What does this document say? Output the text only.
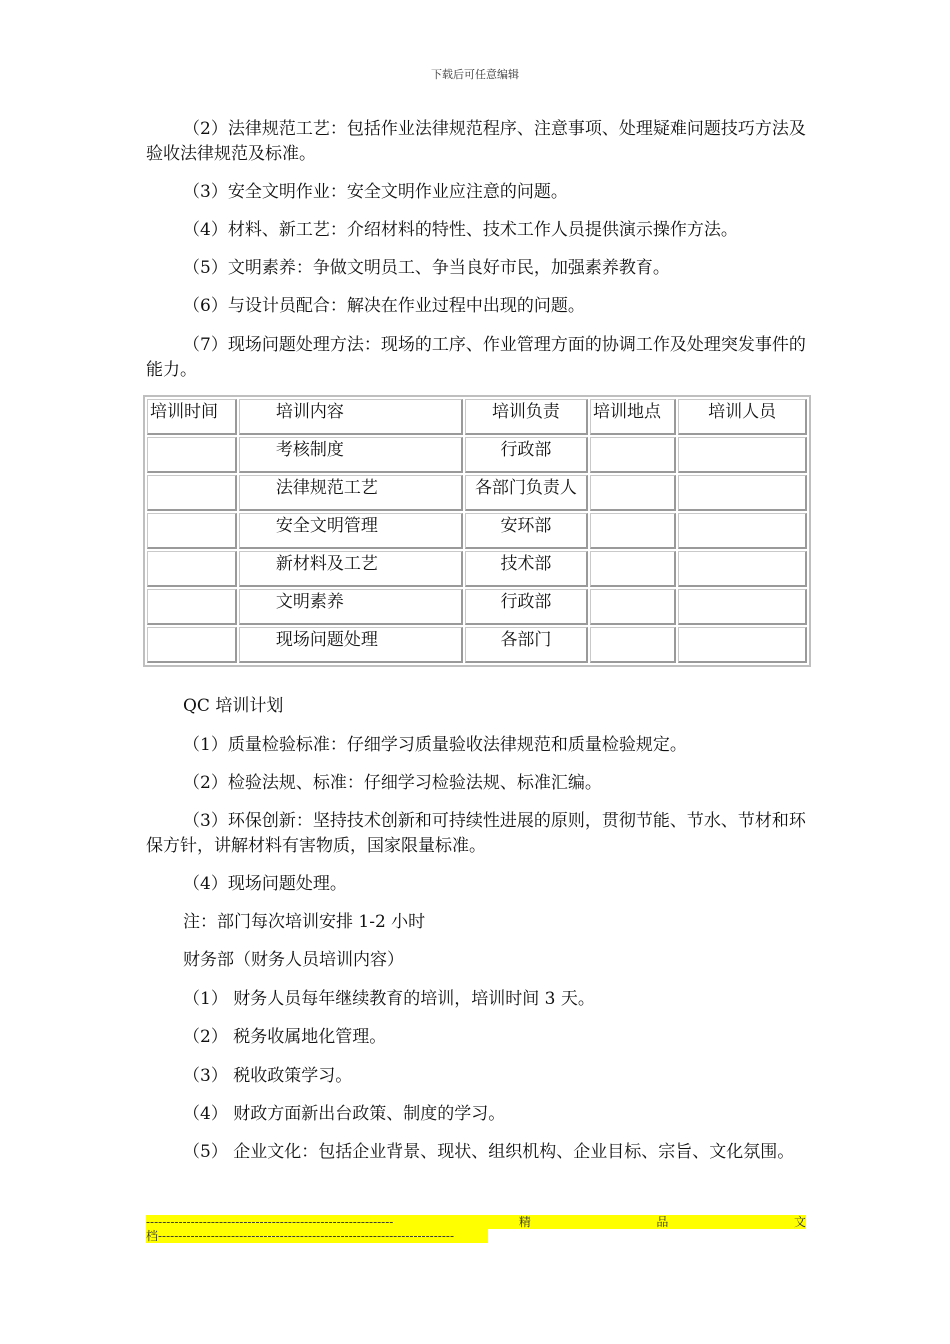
下载后可任意编辑

（2）法律规范工艺：包括作业法律规范程序、注意事项、处理疑难问题技巧方法及验收法律规范及标准。

（3）安全文明作业：安全文明作业应注意的问题。

（4）材料、新工艺：介绍材料的特性、技术工作人员提供演示操作方法。

（5）文明素养：争做文明员工、争当良好市民，加强素养教育。

（6）与设计员配合：解决在作业过程中出现的问题。

（7）现场问题处理方法：现场的工序、作业管理方面的协调工作及处理突发事件的能力。

培训时间	培训内容	培训负责	培训地点	培训人员
	考核制度	行政部		
	法律规范工艺	各部门负责人		
	安全文明管理	安环部		
	新材料及工艺	技术部		
	文明素养	行政部		
	现场问题处理	各部门		

QC 培训计划

（1）质量检验标准：仔细学习质量验收法律规范和质量检验规定。

（2）检验法规、标准：仔细学习检验法规、标准汇编。

（3）环保创新：坚持技术创新和可持续性进展的原则，贯彻节能、节水、节材和环保方针，讲解材料有害物质，国家限量标准。

（4）现场问题处理。

注：部门每次培训安排 1-2 小时

财务部（财务人员培训内容）

（1） 财务人员每年继续教育的培训，培训时间 3 天。

（2） 税务收属地化管理。

（3） 税收政策学习。

（4） 财政方面新出台政策、制度的学习。

（5） 企业文化：包括企业背景、现状、组织机构、企业目标、宗旨、文化氛围。

-------------------------------------------------------------	精	品	文
档-------------------------------------------------------------------------
